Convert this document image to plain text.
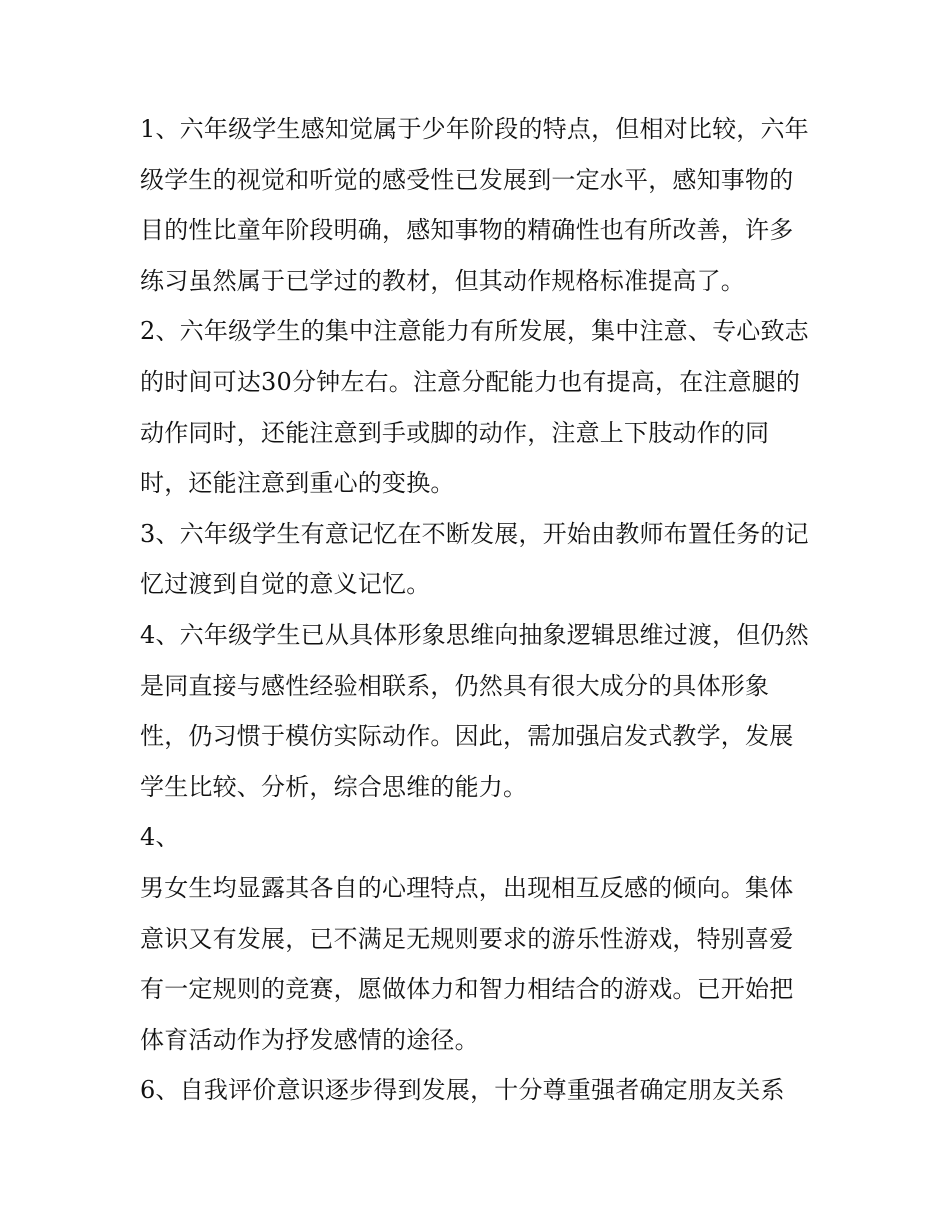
1、六年级学生感知觉属于少年阶段的特点，但相对比较，六年级学生的视觉和听觉的感受性已发展到一定水平，感知事物的目的性比童年阶段明确，感知事物的精确性也有所改善，许多练习虽然属于已学过的教材，但其动作规格标准提高了。

2、六年级学生的集中注意能力有所发展，集中注意、专心致志的时间可达30分钟左右。注意分配能力也有提高，在注意腿的动作同时，还能注意到手或脚的动作，注意上下肢动作的同时，还能注意到重心的变换。

3、六年级学生有意记忆在不断发展，开始由教师布置任务的记忆过渡到自觉的意义记忆。

4、六年级学生已从具体形象思维向抽象逻辑思维过渡，但仍然是同直接与感性经验相联系，仍然具有很大成分的具体形象性，仍习惯于模仿实际动作。因此，需加强启发式教学，发展学生比较、分析，综合思维的能力。

4、

男女生均显露其各自的心理特点，出现相互反感的倾向。集体意识又有发展，已不满足无规则要求的游乐性游戏，特别喜爱有一定规则的竞赛，愿做体力和智力相结合的游戏。已开始把体育活动作为抒发感情的途径。

6、自我评价意识逐步得到发展，十分尊重强者确定朋友关系
